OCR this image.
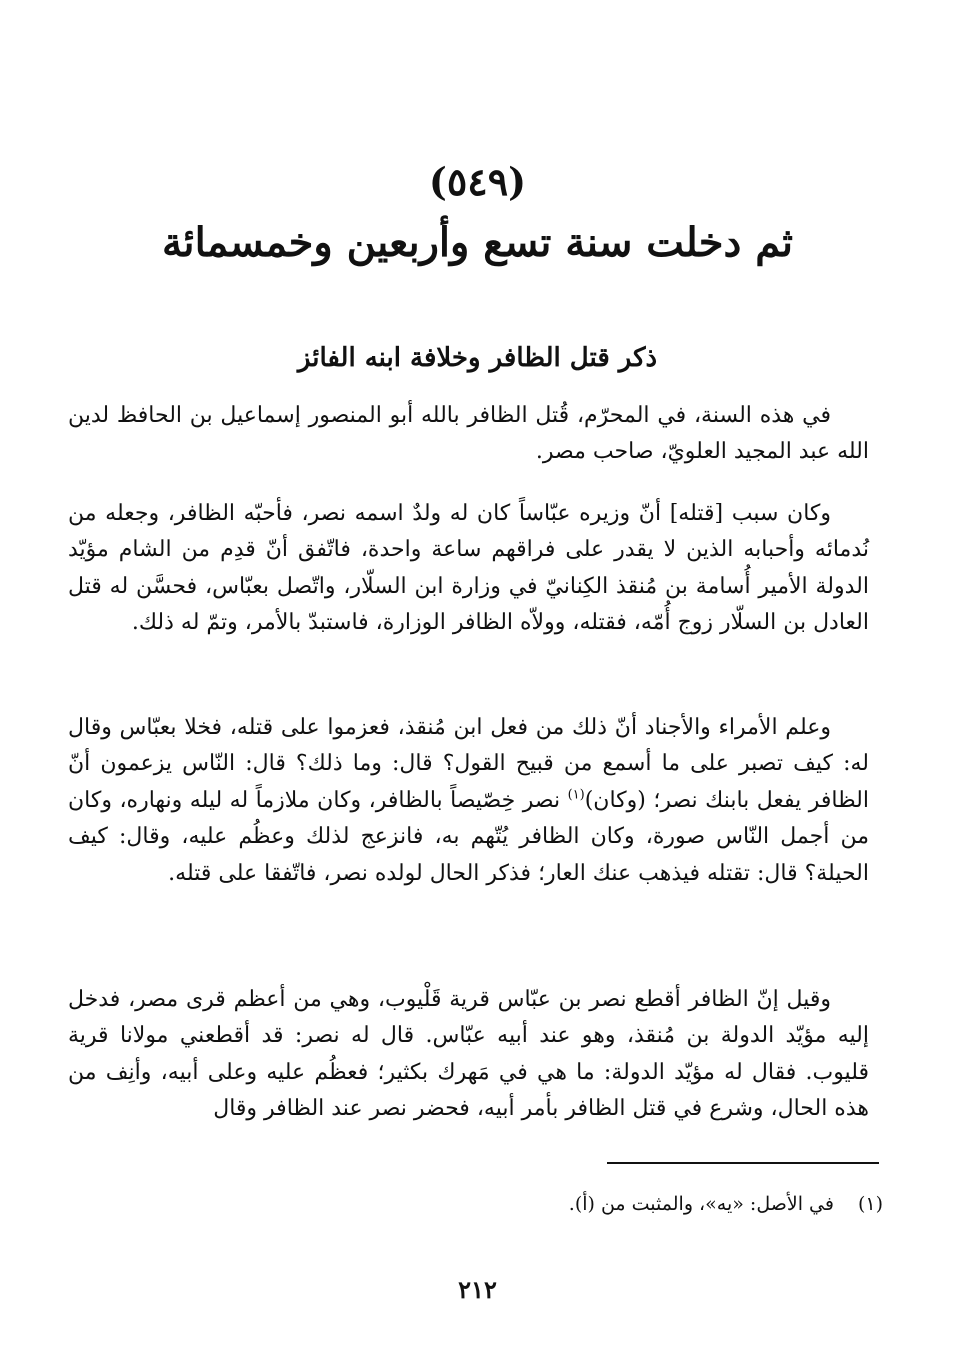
(٥٤٩)
ثم دخلت سنة تسع وأربعين وخمسمائة
ذكر قتل الظافر وخلافة ابنه الفائز

في هذه السنة، في المحرّم، قُتل الظافر بالله أبو المنصور إسماعيل بن الحافظ لدين الله عبد المجيد العلويّ، صاحب مصر.

وكان سبب [قتله] أنّ وزيره عبّاساً كان له ولدٌ اسمه نصر، فأحبّه الظافر، وجعله من نُدمائه وأحبابه الذين لا يقدر على فراقهم ساعة واحدة، فاتّفق أنّ قدِم من الشام مؤيّد الدولة الأمير أُسامة بن مُنقذ الكِنانيّ في وزارة ابن السلّار، واتّصل بعبّاس، فحسَّن له قتل العادل بن السلّار زوج أُمّه، فقتله، وولاّه الظافر الوزارة، فاستبدّ بالأمر، وتمّ له ذلك.

وعلم الأمراء والأجناد أنّ ذلك من فعل ابن مُنقذ، فعزموا على قتله، فخلا بعبّاس وقال له: كيف تصبر على ما أسمع من قبيح القول؟ قال: وما ذلك؟ قال: النّاس يزعمون أنّ الظافر يفعل بابنك نصر؛ (وكان)$^{(١)}$ نصر خِصّيصاً بالظافر، وكان ملازماً له ليله ونهاره، وكان من أجمل النّاس صورة، وكان الظافر يُتّهم به، فانزعج لذلك وعظُم عليه، وقال: كيف الحيلة؟ قال: تقتله فيذهب عنك العار؛ فذكر الحال لولده نصر، فاتّفقا على قتله.

وقيل إنّ الظافر أقطع نصر بن عبّاس قرية قَلْيوب، وهي من أعظم قرى مصر، فدخل إليه مؤيّد الدولة بن مُنقذ، وهو عند أبيه عبّاس. قال له نصر: قد أقطعني مولانا قرية قليوب. فقال له مؤيّد الدولة: ما هي في مَهرك بكثير؛ فعظُم عليه وعلى أبيه، وأنِف من هذه الحال، وشرع في قتل الظافر بأمر أبيه، فحضر نصر عند الظافر وقال

(١)في الأصل: «يه»، والمثبت من (أ).
٢١٢
